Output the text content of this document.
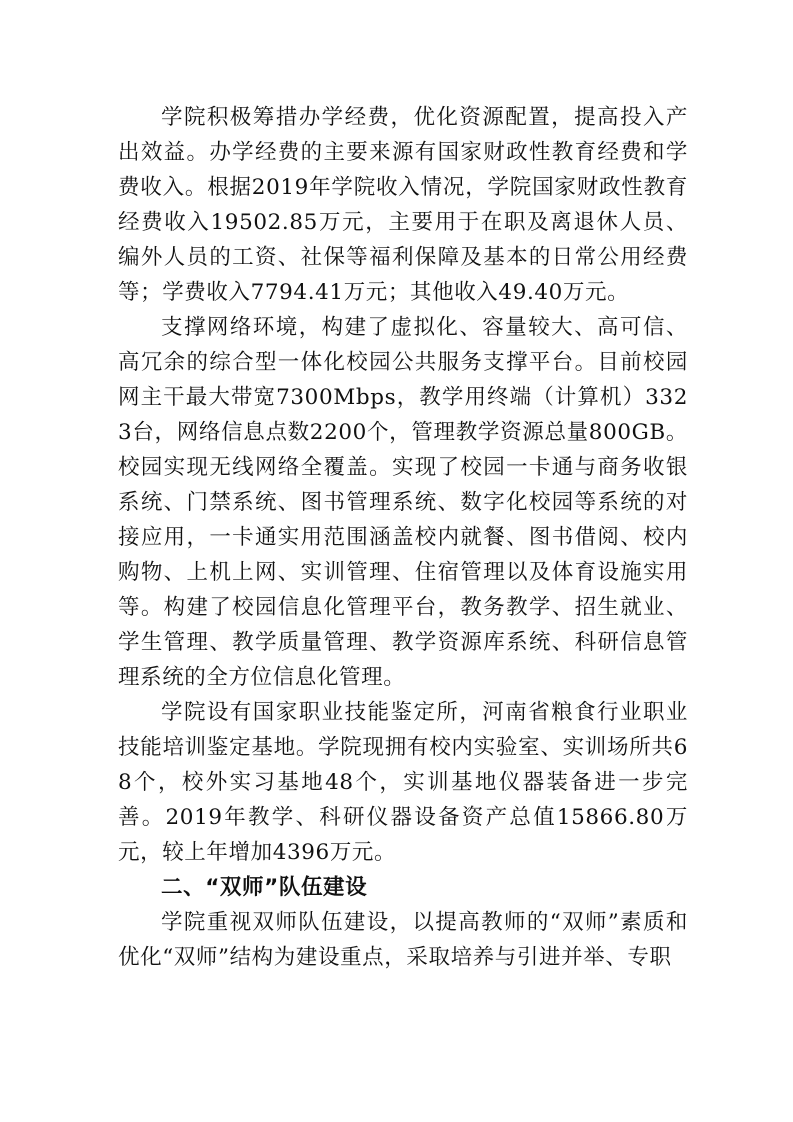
学院积极筹措办学经费，优化资源配置，提高投入产出效益。办学经费的主要来源有国家财政性教育经费和学费收入。根据2019年学院收入情况，学院国家财政性教育经费收入19502.85万元，主要用于在职及离退休人员、编外人员的工资、社保等福利保障及基本的日常公用经费等；学费收入7794.41万元；其他收入49.40万元。

支撑网络环境，构建了虚拟化、容量较大、高可信、高冗余的综合型一体化校园公共服务支撑平台。目前校园网主干最大带宽7300Mbps，教学用终端（计算机）3323台，网络信息点数2200个，管理教学资源总量800GB。校园实现无线网络全覆盖。实现了校园一卡通与商务收银系统、门禁系统、图书管理系统、数字化校园等系统的对接应用，一卡通实用范围涵盖校内就餐、图书借阅、校内购物、上机上网、实训管理、住宿管理以及体育设施实用等。构建了校园信息化管理平台，教务教学、招生就业、学生管理、教学质量管理、教学资源库系统、科研信息管理系统的全方位信息化管理。

学院设有国家职业技能鉴定所，河南省粮食行业职业技能培训鉴定基地。学院现拥有校内实验室、实训场所共68个，校外实习基地48个，实训基地仪器装备进一步完善。2019年教学、科研仪器设备资产总值15866.80万元，较上年增加4396万元。

二、“双师”队伍建设

学院重视双师队伍建设，以提高教师的“双师”素质和优化“双师”结构为建设重点，采取培养与引进并举、专职
